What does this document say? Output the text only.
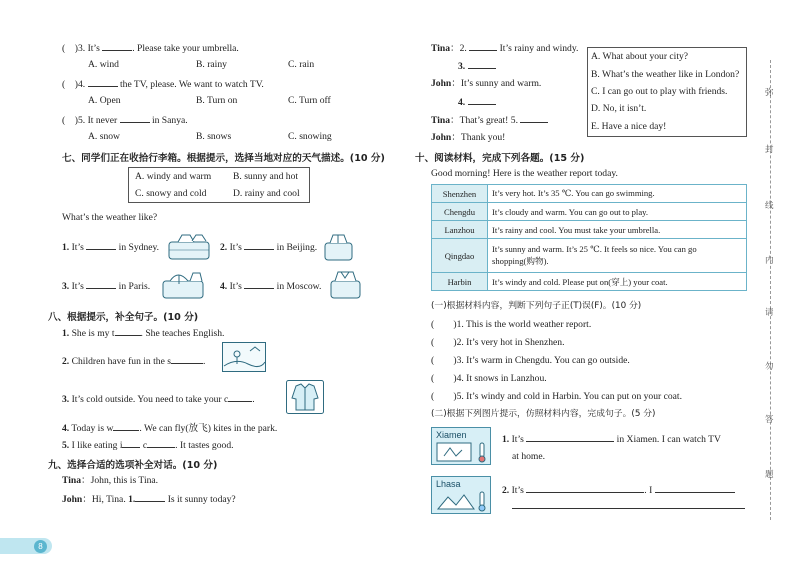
(　)3. It’s	. Please take your umbrella.
A. wind	B. rainy	C. rain
(　)4.	the TV, please. We want to watch TV.
A. Open	B. Turn on	C. Turn off
(　)5. It never	in Sanya.
A. snow	B. snows	C. snowing
七、同学们正在收拾行李箱。根据提示，选择当地对应的天气描述。(10 分)
A. windy and warm B. sunny and hot
C. snowy and cold	D. rainy and cool
What’s the weather like?
1. It’s	in Sydney.	2. It’s	in Beijing.
3. It’s	in Paris.	4. It’s	in Moscow.
八、根据提示，补全句子。(10 分)
1. She is my t	. She teaches English.
2. Children have fun in the s	.
3. It’s cold outside. You need to take your c	.
4. Today is w	. We can fly(放飞) kites in the park.
5. I like eating i c	. It tastes good.
九、选择合适的选项补全对话。(10 分)
Tina：John, this is Tina.
John：Hi, Tina. 1.	Is it sunny today?
8
Tina：2.	It’s rainy and windy.
3.
John：It’s sunny and warm.
4.
Tina：That’s great! 5.
John：Thank you!
A. What about your city?
B. What’s the weather like in London?
C. I can go out to play with friends.
D. No, it isn’t.
E. Have a nice day!
十、阅读材料，完成下列各题。(15 分)
Good morning! Here is the weather report today.
Shenzhen	It’s very hot. It’s 35 ℃. You can go swimming.
Chengdu	It’s cloudy and warm. You can go out to play.
Lanzhou	It’s rainy and cool. You must take your umbrella.
Qingdao	It’s sunny and warm. It’s 25 ℃. It feels so nice. You can go
shopping(购物).
Harbin	It’s windy and cold. Please put on(穿上) your coat.
(一)根据材料内容，判断下列句子正(T)误(F)。(10 分)
(　　)1. This is the world weather report.
(　　)2. It’s very hot in Shenzhen.
(　　)3. It’s warm in Chengdu. You can go outside.
(　　)4. It snows in Lanzhou.
(　　)5. It’s windy and cold in Harbin. You can put on your coat.
(二)根据下列图片提示，仿照材料内容，完成句子。(5 分)
Xiamen	1. It’s	in Xiamen. I can watch TV
at home.
Lhasa
2. It’s	. I
弥
封
线
内
请
勿
答
题
